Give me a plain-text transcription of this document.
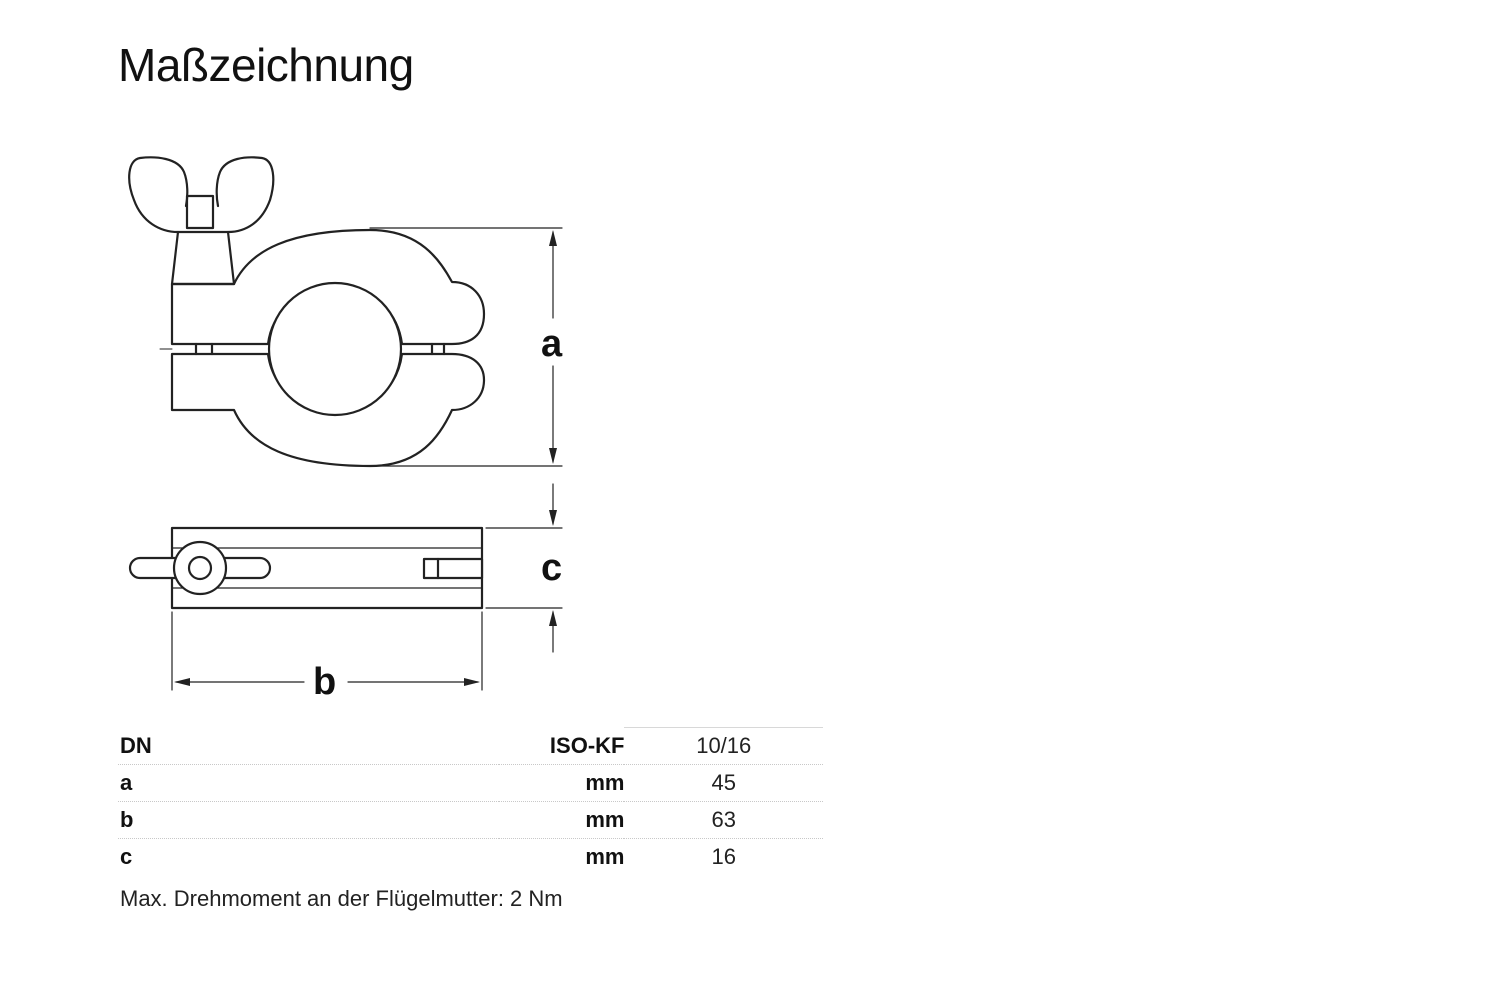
Maßzeichnung
a
c
b
DN	ISO-KF	10/16
a	mm	45
b	mm	63
c	mm	16
Max. Drehmoment an der Flügelmutter: 2 Nm
